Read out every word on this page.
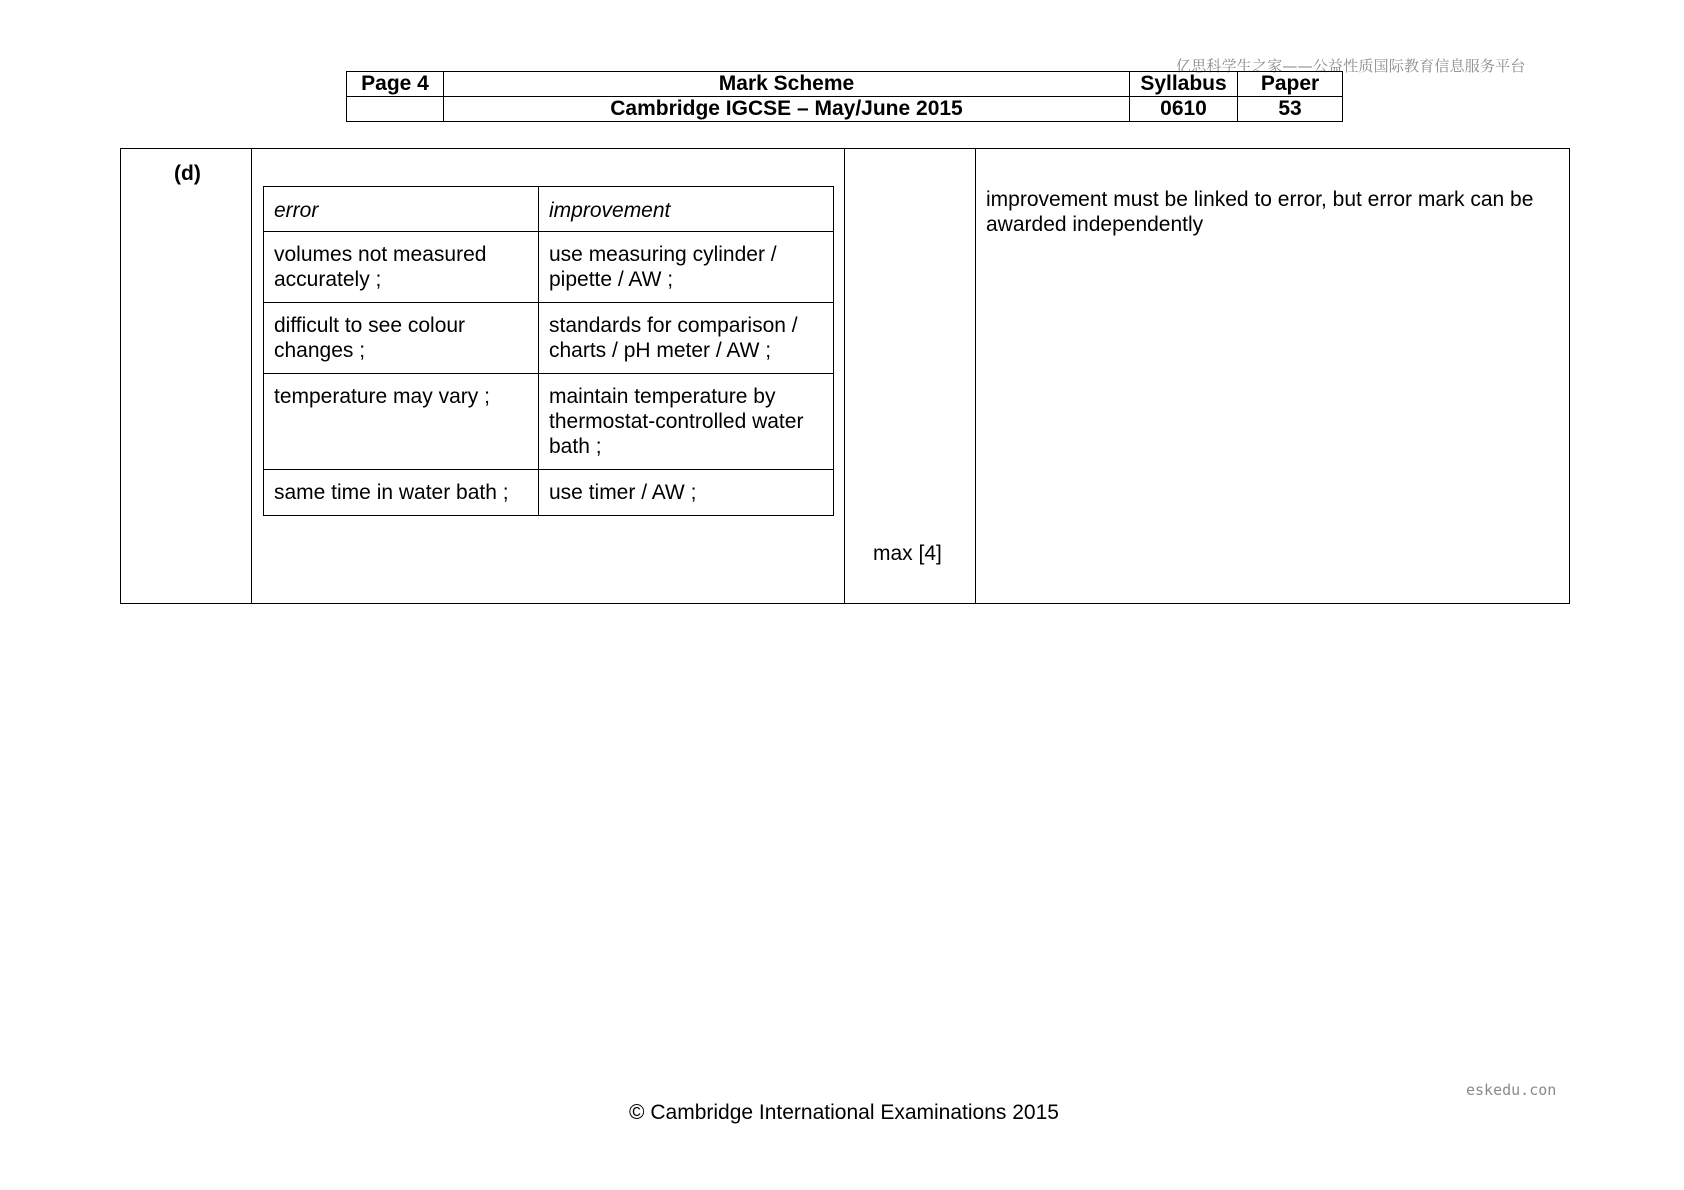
亿思科学生之家——公益性质国际教育信息服务平台
Page 4	Mark Scheme	Syllabus	Paper
	Cambridge IGCSE – May/June 2015	0610	53
(d)

error	improvement
volumes not measured accurately ;	use measuring cylinder / pipette / AW ;
difficult to see colour changes ;	standards for comparison / charts / pH meter / AW ;
temperature may vary ;	maintain temperature by thermostat-controlled water bath ;
same time in water bath ;	use timer / AW ;

max [4]

improvement must be linked to error, but error mark can be awarded independently
eskedu.con
© Cambridge International Examinations 2015
